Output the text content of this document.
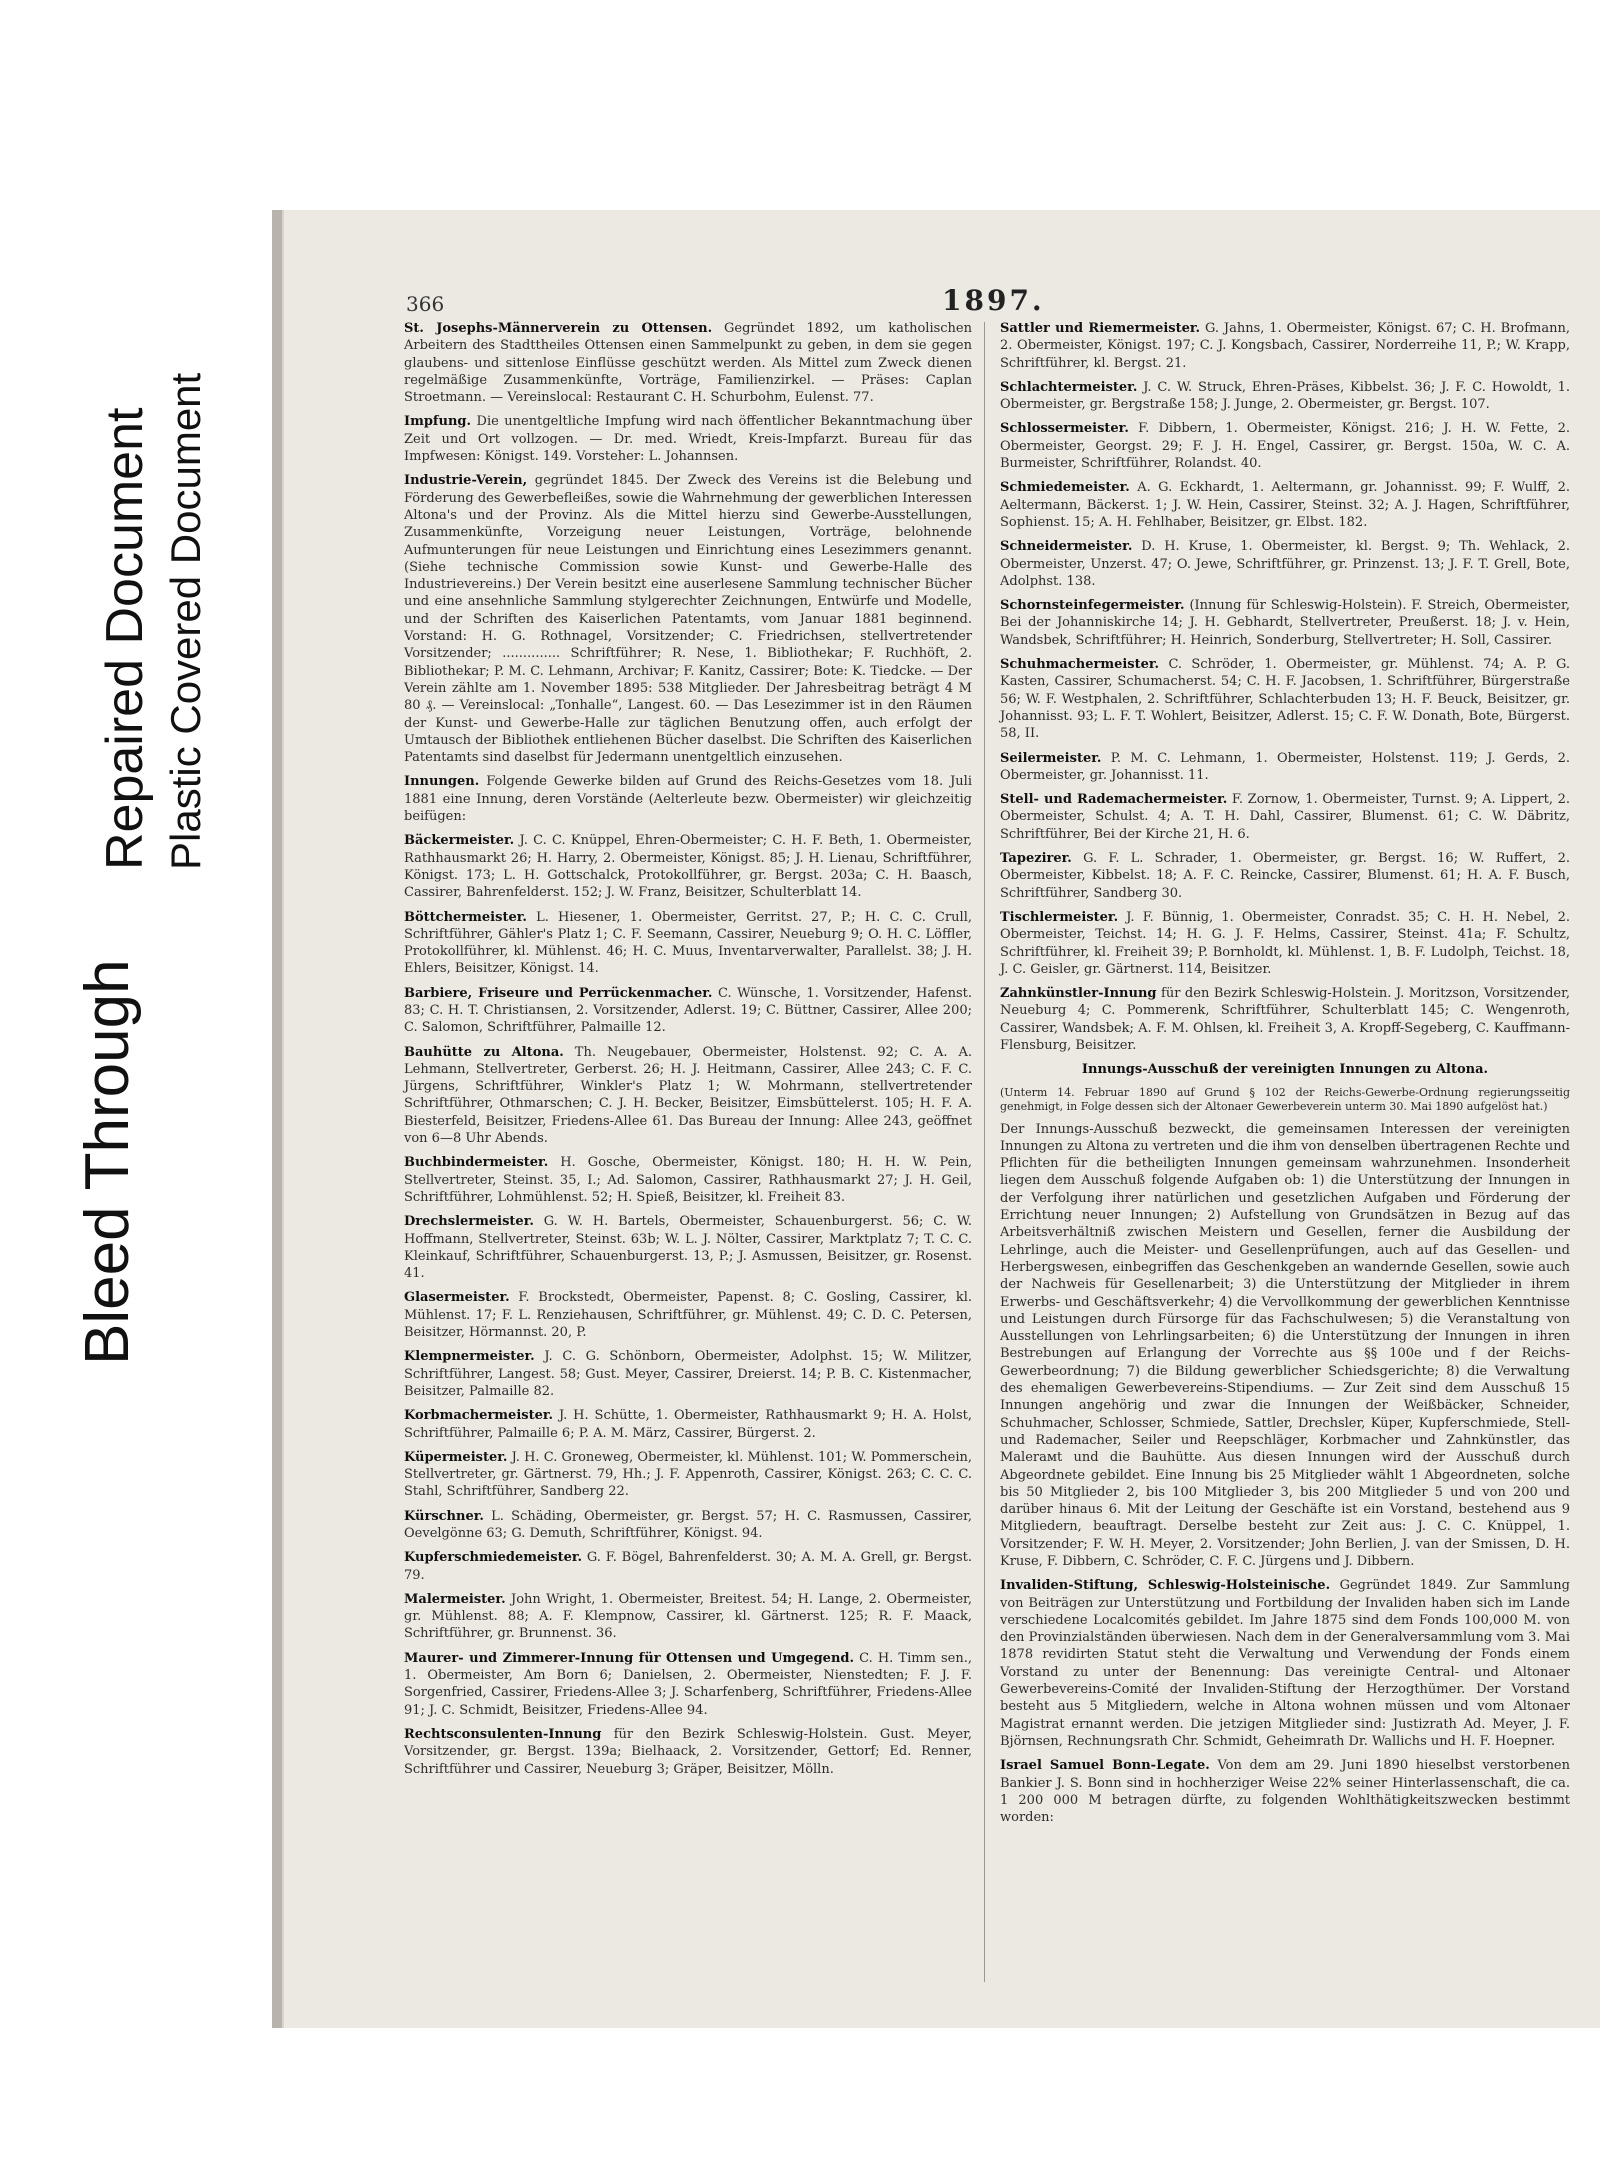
Bleed Through
Repaired Document Plastic Covered Document
366	1897.

St. Josephs-Männerverein zu Ottensen. Gegründet 1892, um katholischen Arbeitern des Stadttheiles Ottensen einen Sammelpunkt zu geben, in dem sie gegen glaubens- und sittenlose Einflüsse geschützt werden. Als Mittel zum Zweck dienen regelmäßige Zusammenkünfte, Vorträge, Familienzirkel. — Präses: Caplan Stroetmann. — Vereinslocal: Restaurant C. H. Schurbohm, Eulenst. 77.

Impfung. Die unentgeltliche Impfung wird nach öffentlicher Bekanntmachung über Zeit und Ort vollzogen. — Dr. med. Wriedt, Kreis-Impfarzt. Bureau für das Impfwesen: Königst. 149. Vorsteher: L. Johannsen.

Industrie-Verein, gegründet 1845. Der Zweck des Vereins ist die Belebung und Förderung des Gewerbefleißes, sowie die Wahrnehmung der gewerblichen Interessen Altona's und der Provinz. Als die Mittel hierzu sind Gewerbe-Ausstellungen, Zusammenkünfte, Vorzeigung neuer Leistungen, Vorträge, belohnende Aufmunterungen für neue Leistungen und Einrichtung eines Lesezimmers genannt. (Siehe technische Commission sowie Kunst- und Gewerbe-Halle des Industrievereins.) Der Verein besitzt eine auserlesene Sammlung technischer Bücher und eine ansehnliche Sammlung stylgerechter Zeichnungen, Entwürfe und Modelle, und der Schriften des Kaiserlichen Patentamts, vom Januar 1881 beginnend. Vorstand: H. G. Rothnagel, Vorsitzender; C. Friedrichsen, stellvertretender Vorsitzender; .............. Schriftführer; R. Nese, 1. Bibliothekar; F. Ruchhöft, 2. Bibliothekar; P. M. C. Lehmann, Archivar; F. Kanitz, Cassirer; Bote: K. Tiedcke. — Der Verein zählte am 1. November 1895: 538 Mitglieder. Der Jahresbeitrag beträgt 4 M 80 ₰. — Vereinslocal: „Tonhalle“, Langest. 60. — Das Lesezimmer ist in den Räumen der Kunst- und Gewerbe-Halle zur täglichen Benutzung offen, auch erfolgt der Umtausch der Bibliothek entliehenen Bücher daselbst. Die Schriften des Kaiserlichen Patentamts sind daselbst für Jedermann unentgeltlich einzusehen.

Innungen. Folgende Gewerke bilden auf Grund des Reichs-Gesetzes vom 18. Juli 1881 eine Innung, deren Vorstände (Aelterleute bezw. Obermeister) wir gleichzeitig beifügen:

Bäckermeister. J. C. C. Knüppel, Ehren-Obermeister; C. H. F. Beth, 1. Obermeister, Rathhausmarkt 26; H. Harry, 2. Obermeister, Königst. 85; J. H. Lienau, Schriftführer, Königst. 173; L. H. Gottschalck, Protokollführer, gr. Bergst. 203a; C. H. Baasch, Cassirer, Bahrenfelderst. 152; J. W. Franz, Beisitzer, Schulterblatt 14.

Böttchermeister. L. Hiesener, 1. Obermeister, Gerritst. 27, P.; H. C. C. Crull, Schriftführer, Gähler's Platz 1; C. F. Seemann, Cassirer, Neueburg 9; O. H. C. Löffler, Protokollführer, kl. Mühlenst. 46; H. C. Muus, Inventarverwalter, Parallelst. 38; J. H. Ehlers, Beisitzer, Königst. 14.

Barbiere, Friseure und Perrückenmacher. C. Wünsche, 1. Vorsitzender, Hafenst. 83; C. H. T. Christiansen, 2. Vorsitzender, Adlerst. 19; C. Büttner, Cassirer, Allee 200; C. Salomon, Schriftführer, Palmaille 12.

Bauhütte zu Altona. Th. Neugebauer, Obermeister, Holstenst. 92; C. A. A. Lehmann, Stellvertreter, Gerberst. 26; H. J. Heitmann, Cassirer, Allee 243; C. F. C. Jürgens, Schriftführer, Winkler's Platz 1; W. Mohrmann, stellvertretender Schriftführer, Othmarschen; C. J. H. Becker, Beisitzer, Eimsbüttelerst. 105; H. F. A. Biesterfeld, Beisitzer, Friedens-Allee 61. Das Bureau der Innung: Allee 243, geöffnet von 6—8 Uhr Abends.

Buchbindermeister. H. Gosche, Obermeister, Königst. 180; H. H. W. Pein, Stellvertreter, Steinst. 35, I.; Ad. Salomon, Cassirer, Rathhausmarkt 27; J. H. Geil, Schriftführer, Lohmühlenst. 52; H. Spieß, Beisitzer, kl. Freiheit 83.

Drechslermeister. G. W. H. Bartels, Obermeister, Schauenburgerst. 56; C. W. Hoffmann, Stellvertreter, Steinst. 63b; W. L. J. Nölter, Cassirer, Marktplatz 7; T. C. C. Kleinkauf, Schriftführer, Schauenburgerst. 13, P.; J. Asmussen, Beisitzer, gr. Rosenst. 41.

Glasermeister. F. Brockstedt, Obermeister, Papenst. 8; C. Gosling, Cassirer, kl. Mühlenst. 17; F. L. Renziehausen, Schriftführer, gr. Mühlenst. 49; C. D. C. Petersen, Beisitzer, Hörmannst. 20, P.

Klempnermeister. J. C. G. Schönborn, Obermeister, Adolphst. 15; W. Militzer, Schriftführer, Langest. 58; Gust. Meyer, Cassirer, Dreierst. 14; P. B. C. Kistenmacher, Beisitzer, Palmaille 82.

Korbmachermeister. J. H. Schütte, 1. Obermeister, Rathhausmarkt 9; H. A. Holst, Schriftführer, Palmaille 6; P. A. M. März, Cassirer, Bürgerst. 2.

Küpermeister. J. H. C. Groneweg, Obermeister, kl. Mühlenst. 101; W. Pommerschein, Stellvertreter, gr. Gärtnerst. 79, Hh.; J. F. Appenroth, Cassirer, Königst. 263; C. C. C. Stahl, Schriftführer, Sandberg 22.

Kürschner. L. Schäding, Obermeister, gr. Bergst. 57; H. C. Rasmussen, Cassirer, Oevelgönne 63; G. Demuth, Schriftführer, Königst. 94.

Kupferschmiedemeister. G. F. Bögel, Bahrenfelderst. 30; A. M. A. Grell, gr. Bergst. 79.

Malermeister. John Wright, 1. Obermeister, Breitest. 54; H. Lange, 2. Obermeister, gr. Mühlenst. 88; A. F. Klempnow, Cassirer, kl. Gärtnerst. 125; R. F. Maack, Schriftführer, gr. Brunnenst. 36.

Maurer- und Zimmerer-Innung für Ottensen und Umgegend. C. H. Timm sen., 1. Obermeister, Am Born 6; Danielsen, 2. Obermeister, Nienstedten; F. J. F. Sorgenfried, Cassirer, Friedens-Allee 3; J. Scharfenberg, Schriftführer, Friedens-Allee 91; J. C. Schmidt, Beisitzer, Friedens-Allee 94.

Rechtsconsulenten-Innung für den Bezirk Schleswig-Holstein. Gust. Meyer, Vorsitzender, gr. Bergst. 139a; Bielhaack, 2. Vorsitzender, Gettorf; Ed. Renner, Schriftführer und Cassirer, Neueburg 3; Gräper, Beisitzer, Mölln.

Sattler und Riemermeister. G. Jahns, 1. Obermeister, Königst. 67; C. H. Brofmann, 2. Obermeister, Königst. 197; C. J. Kongsbach, Cassirer, Norderreihe 11, P.; W. Krapp, Schriftführer, kl. Bergst. 21.

Schlachtermeister. J. C. W. Struck, Ehren-Präses, Kibbelst. 36; J. F. C. Howoldt, 1. Obermeister, gr. Bergstraße 158; J. Junge, 2. Obermeister, gr. Bergst. 107.

Schlossermeister. F. Dibbern, 1. Obermeister, Königst. 216; J. H. W. Fette, 2. Obermeister, Georgst. 29; F. J. H. Engel, Cassirer, gr. Bergst. 150a, W. C. A. Burmeister, Schriftführer, Rolandst. 40.

Schmiedemeister. A. G. Eckhardt, 1. Aeltermann, gr. Johannisst. 99; F. Wulff, 2. Aeltermann, Bäckerst. 1; J. W. Hein, Cassirer, Steinst. 32; A. J. Hagen, Schriftführer, Sophienst. 15; A. H. Fehlhaber, Beisitzer, gr. Elbst. 182.

Schneidermeister. D. H. Kruse, 1. Obermeister, kl. Bergst. 9; Th. Wehlack, 2. Obermeister, Unzerst. 47; O. Jewe, Schriftführer, gr. Prinzenst. 13; J. F. T. Grell, Bote, Adolphst. 138.

Schornsteinfegermeister. (Innung für Schleswig-Holstein). F. Streich, Obermeister, Bei der Johanniskirche 14; J. H. Gebhardt, Stellvertreter, Preußerst. 18; J. v. Hein, Wandsbek, Schriftführer; H. Heinrich, Sonderburg, Stellvertreter; H. Soll, Cassirer.

Schuhmachermeister. C. Schröder, 1. Obermeister, gr. Mühlenst. 74; A. P. G. Kasten, Cassirer, Schumacherst. 54; C. H. F. Jacobsen, 1. Schriftführer, Bürgerstraße 56; W. F. Westphalen, 2. Schriftführer, Schlachterbuden 13; H. F. Beuck, Beisitzer, gr. Johannisst. 93; L. F. T. Wohlert, Beisitzer, Adlerst. 15; C. F. W. Donath, Bote, Bürgerst. 58, II.

Seilermeister. P. M. C. Lehmann, 1. Obermeister, Holstenst. 119; J. Gerds, 2. Obermeister, gr. Johannisst. 11.

Stell- und Rademachermeister. F. Zornow, 1. Obermeister, Turnst. 9; A. Lippert, 2. Obermeister, Schulst. 4; A. T. H. Dahl, Cassirer, Blumenst. 61; C. W. Däbritz, Schriftführer, Bei der Kirche 21, H. 6.

Tapezirer. G. F. L. Schrader, 1. Obermeister, gr. Bergst. 16; W. Ruffert, 2. Obermeister, Kibbelst. 18; A. F. C. Reincke, Cassirer, Blumenst. 61; H. A. F. Busch, Schriftführer, Sandberg 30.

Tischlermeister. J. F. Bünnig, 1. Obermeister, Conradst. 35; C. H. H. Nebel, 2. Obermeister, Teichst. 14; H. G. J. F. Helms, Cassirer, Steinst. 41a; F. Schultz, Schriftführer, kl. Freiheit 39; P. Bornholdt, kl. Mühlenst. 1, B. F. Ludolph, Teichst. 18, J. C. Geisler, gr. Gärtnerst. 114, Beisitzer.

Zahnkünstler-Innung für den Bezirk Schleswig-Holstein. J. Moritzson, Vorsitzender, Neueburg 4; C. Pommerenk, Schriftführer, Schulterblatt 145; C. Wengenroth, Cassirer, Wandsbek; A. F. M. Ohlsen, kl. Freiheit 3, A. Kropff-Segeberg, C. Kauffmann-Flensburg, Beisitzer.

Innungs-Ausschuß der vereinigten Innungen zu Altona.

(Unterm 14. Februar 1890 auf Grund § 102 der Reichs-Gewerbe-Ordnung regierungsseitig genehmigt, in Folge dessen sich der Altonaer Gewerbeverein unterm 30. Mai 1890 aufgelöst hat.)

Der Innungs-Ausschuß bezweckt, die gemeinsamen Interessen der vereinigten Innungen zu Altona zu vertreten und die ihm von denselben übertragenen Rechte und Pflichten für die betheiligten Innungen gemeinsam wahrzunehmen. Insonderheit liegen dem Ausschuß folgende Aufgaben ob: 1) die Unterstützung der Innungen in der Verfolgung ihrer natürlichen und gesetzlichen Aufgaben und Förderung der Errichtung neuer Innungen; 2) Aufstellung von Grundsätzen in Bezug auf das Arbeitsverhältniß zwischen Meistern und Gesellen, ferner die Ausbildung der Lehrlinge, auch die Meister- und Gesellenprüfungen, auch auf das Gesellen- und Herbergswesen, einbegriffen das Geschenkgeben an wandernde Gesellen, sowie auch der Nachweis für Gesellenarbeit; 3) die Unterstützung der Mitglieder in ihrem Erwerbs- und Geschäftsverkehr; 4) die Vervollkommung der gewerblichen Kenntnisse und Leistungen durch Fürsorge für das Fachschulwesen; 5) die Veranstaltung von Ausstellungen von Lehrlingsarbeiten; 6) die Unterstützung der Innungen in ihren Bestrebungen auf Erlangung der Vorrechte aus §§ 100e und f der Reichs-Gewerbeordnung; 7) die Bildung gewerblicher Schiedsgerichte; 8) die Verwaltung des ehemaligen Gewerbevereins-Stipendiums. — Zur Zeit sind dem Ausschuß 15 Innungen angehörig und zwar die Innungen der Weißbäcker, Schneider, Schuhmacher, Schlosser, Schmiede, Sattler, Drechsler, Küper, Kupferschmiede, Stell- und Rademacher, Seiler und Reepschläger, Korbmacher und Zahnkünstler, das Malerамt und die Bauhütte. Aus diesen Innungen wird der Ausschuß durch Abgeordnete gebildet. Eine Innung bis 25 Mitglieder wählt 1 Abgeordneten, solche bis 50 Mitglieder 2, bis 100 Mitglieder 3, bis 200 Mitglieder 5 und von 200 und darüber hinaus 6. Mit der Leitung der Geschäfte ist ein Vorstand, bestehend aus 9 Mitgliedern, beauftragt. Derselbe besteht zur Zeit aus: J. C. C. Knüppel, 1. Vorsitzender; F. W. H. Meyer, 2. Vorsitzender; John Berlien, J. van der Smissen, D. H. Kruse, F. Dibbern, C. Schröder, C. F. C. Jürgens und J. Dibbern.

Invaliden-Stiftung, Schleswig-Holsteinische. Gegründet 1849. Zur Sammlung von Beiträgen zur Unterstützung und Fortbildung der Invaliden haben sich im Lande verschiedene Localcomités gebildet. Im Jahre 1875 sind dem Fonds 100,000 M. von den Provinzialständen überwiesen. Nach dem in der Generalversammlung vom 3. Mai 1878 revidirten Statut steht die Verwaltung und Verwendung der Fonds einem Vorstand zu unter der Benennung: Das vereinigte Central- und Altonaer Gewerbevereins-Comité der Invaliden-Stiftung der Herzogthümer. Der Vorstand besteht aus 5 Mitgliedern, welche in Altona wohnen müssen und vom Altonaer Magistrat ernannt werden. Die jetzigen Mitglieder sind: Justizrath Ad. Meyer, J. F. Björnsen, Rechnungsrath Chr. Schmidt, Geheimrath Dr. Wallichs und H. F. Hoepner.

Israel Samuel Bonn-Legate. Von dem am 29. Juni 1890 hieselbst verstorbenen Bankier J. S. Bonn sind in hochherziger Weise 22% seiner Hinterlassenschaft, die ca. 1 200 000 M betragen dürfte, zu folgenden Wohlthätigkeitszwecken bestimmt worden:
